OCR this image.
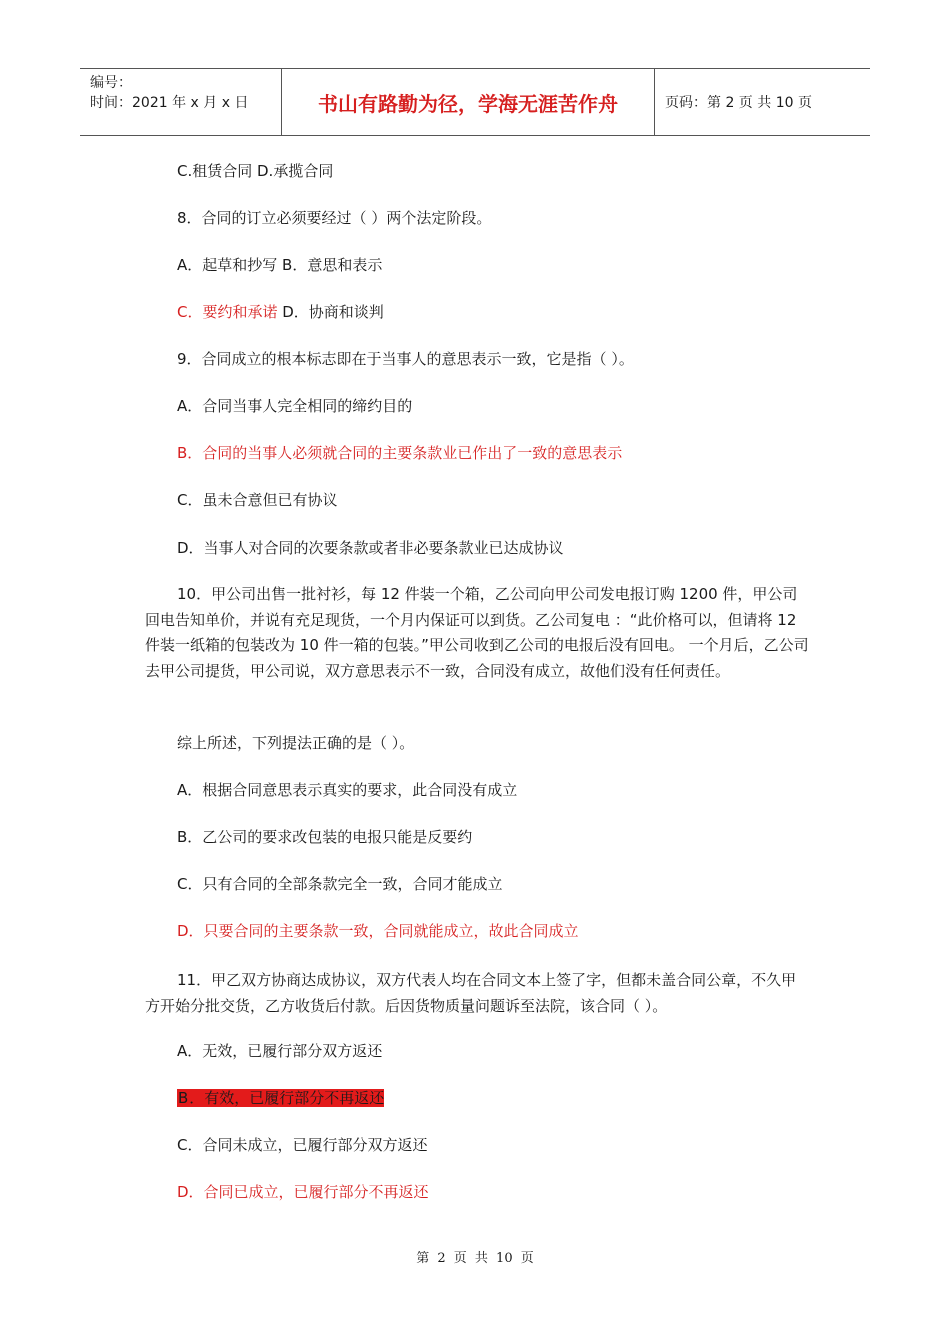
编号：
时间：2021 年 x 月 x 日	书山有路勤为径，学海无涯苦作舟	页码：第 2 页 共 10 页
C.租赁合同 D.承揽合同
8．合同的订立必须要经过（ ）两个法定阶段。
A．起草和抄写 B．意思和表示
C．要约和承诺 D．协商和谈判
9．合同成立的根本标志即在于当事人的意思表示一致，它是指（ ）。
A．合同当事人完全相同的缔约目的
B．合同的当事人必须就合同的主要条款业已作出了一致的意思表示
C．虽未合意但已有协议
D．当事人对合同的次要条款或者非必要条款业已达成协议
综上所述，下列提法正确的是（ ）。
A．根据合同意思表示真实的要求，此合同没有成立
B．乙公司的要求改包装的电报只能是反要约
C．只有合同的全部条款完全一致，合同才能成立
D．只要合同的主要条款一致，合同就能成立，故此合同成立
A．无效，已履行部分双方返还
C．合同未成立，已履行部分双方返还
D．合同已成立，已履行部分不再返还
10．甲公司出售一批衬衫，每 12 件装一个箱，乙公司向甲公司发电报订购 1200 件，甲公司回电告知单价，并说有充足现货，一个月内保证可以到货。乙公司复电 ：“此价格可以，但请将 12 件装一纸箱的包装改为 10 件一箱的包装。”甲公司收到乙公司的电报后没有回电。 一个月后，乙公司去甲公司提货，甲公司说，双方意思表示不一致，合同没有成立，故他们没有任何责任。
11．甲乙双方协商达成协议，双方代表人均在合同文本上签了字，但都未盖合同公章，不久甲方开始分批交货，乙方收货后付款。后因货物质量问题诉至法院，该合同（ ）。
B．有效，已履行部分不再返还
第 2 页 共 10 页
